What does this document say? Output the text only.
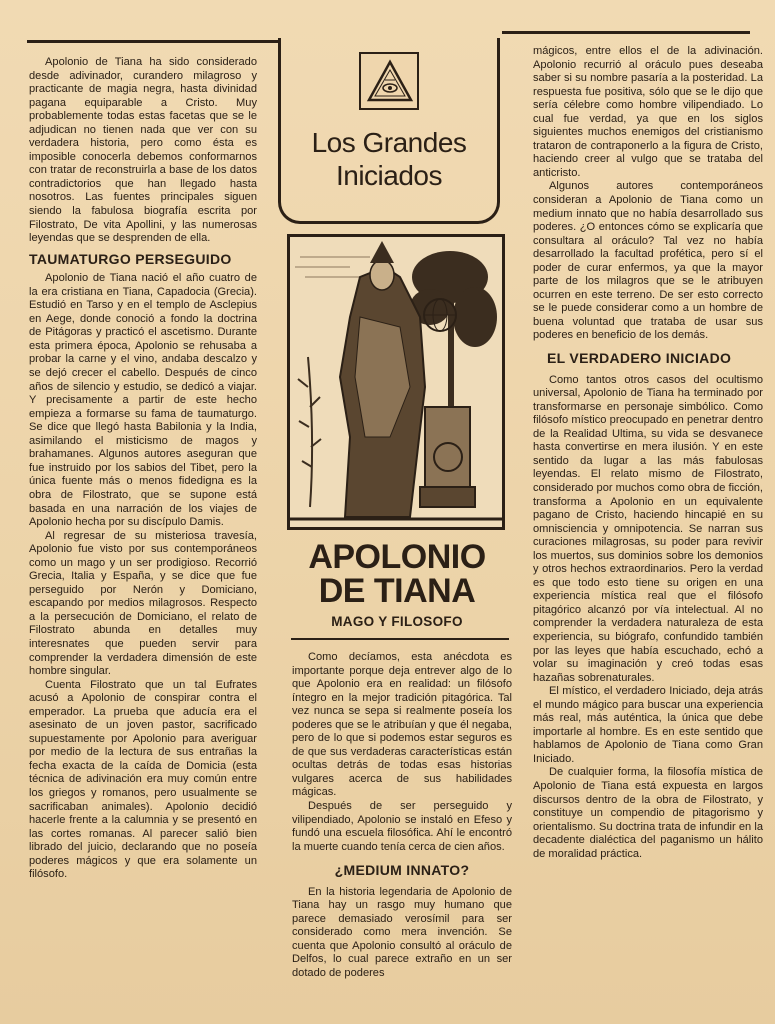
Los Grandes
Iniciados
APOLONIO
DE TIANA
MAGO Y FILOSOFO

Apolonio de Tiana ha sido considerado desde adivinador, curandero milagroso y practicante de magia negra, hasta divinidad pagana equiparable a Cristo. Muy probablemente todas estas facetas que se le adjudican no tienen nada que ver con su verdadera historia, pero como ésta es imposible conocerla debemos conformarnos con tratar de reconstruirla a base de los datos contradictorios que han llegado hasta nosotros. Las fuentes principales siguen siendo la fabulosa biografía escrita por Filostrato, De vita Apollini, y las numerosas leyendas que se desprenden de ella.

TAUMATURGO PERSEGUIDO

Apolonio de Tiana nació el año cuatro de la era cristiana en Tiana, Capadocia (Grecia). Estudió en Tarso y en el templo de Asclepius en Aege, donde conoció a fondo la doctrina de Pitágoras y practicó el ascetismo. Durante esta primera época, Apolonio se rehusaba a probar la carne y el vino, andaba descalzo y se dejó crecer el cabello. Después de cinco años de silencio y estudio, se dedicó a viajar. Y precisamente a partir de este hecho empieza a formarse su fama de taumaturgo. Se dice que llegó hasta Babilonia y la India, asimilando el misticismo de magos y brahamanes. Algunos autores aseguran que fue instruido por los sabios del Tibet, pero la única fuente más o menos fidedigna es la obra de Filostrato, que se supone está basada en una narración de los viajes de Apolonio hecha por su discípulo Damis.

Al regresar de su misteriosa travesía, Apolonio fue visto por sus contemporáneos como un mago y un ser prodigioso. Recorrió Grecia, Italia y España, y se dice que fue perseguido por Nerón y Domiciano, escapando por medios milagrosos. Respecto a la persecución de Domiciano, el relato de Filostrato abunda en detalles muy interesnates que pueden servir para comprender la verdadera dimensión de este hombre singular.

Cuenta Filostrato que un tal Eufrates acusó a Apolonio de conspirar contra el emperador. La prueba que aducía era el asesinato de un joven pastor, sacrificado supuestamente por Apolonio para averiguar por medio de la lectura de sus entrañas la fecha exacta de la caída de Domicia (esta técnica de adivinación era muy común entre los griegos y romanos, pero usualmente se sacrificaban animales). Apolonio decidió hacerle frente a la calumnia y se presentó en las cortes romanas. Al parecer salió bien librado del juicio, declarando que no poseía poderes mágicos y que era solamente un filósofo.

Como decíamos, esta anécdota es importante porque deja entrever algo de lo que Apolonio era en realidad: un filósofo íntegro en la mejor tradición pitagórica. Tal vez nunca se sepa si realmente poseía los poderes que se le atribuían y que él negaba, pero de lo que si podemos estar seguros es de que sus verdaderas características están ocultas detrás de todas esas historias vulgares acerca de sus habilidades mágicas.

Después de ser perseguido y vilipendiado, Apolonio se instaló en Efeso y fundó una escuela filosófica. Ahí le encontró la muerte cuando tenía cerca de cien años.

¿MEDIUM INNATO?

En la historia legendaria de Apolonio de Tiana hay un rasgo muy humano que parece demasiado verosímil para ser considerado como mera invención. Se cuenta que Apolonio consultó al oráculo de Delfos, lo cual parece extraño en un ser dotado de poderes

mágicos, entre ellos el de la adivinación. Apolonio recurrió al oráculo pues deseaba saber si su nombre pasaría a la posteridad. La respuesta fue positiva, sólo que se le dijo que sería célebre como hombre vilipendiado. Lo cual fue verdad, ya que en los siglos siguientes muchos enemigos del cristianismo trataron de contraponerlo a la figura de Cristo, haciendo creer al vulgo que se trataba del anticristo.

Algunos autores contemporáneos consideran a Apolonio de Tiana como un medium innato que no había desarrollado sus poderes. ¿O entonces cómo se explicaría que consultara al oráculo? Tal vez no había desarrollado la facultad profética, pero sí el poder de curar enfermos, ya que la mayor parte de los milagros que se le atribuyen ocurren en este terreno. De ser esto correcto se le puede considerar como a un hombre de buena voluntad que trataba de usar sus poderes en beneficio de los demás.

EL VERDADERO INICIADO

Como tantos otros casos del ocultismo universal, Apolonio de Tiana ha terminado por transformarse en personaje simbólico. Como filósofo místico preocupado en penetrar dentro de la Realidad Ultima, su vida se desvanece hasta convertirse en mera ilusión. Y en este sentido da lugar a las más fabulosas leyendas. El relato mismo de Filostrato, considerado por muchos como obra de ficción, transforma a Apolonio en un equivalente pagano de Cristo, haciendo hincapié en su omnisciencia y omnipotencia. Se narran sus curaciones milagrosas, su poder para revivir los muertos, sus dominios sobre los demonios y otros hechos extraordinarios. Pero la verdad es que todo esto tiene su origen en una experiencia mística real que el filósofo pitagórico alcanzó por vía intelectual. Al no comprender la verdadera naturaleza de esta experiencia, su biógrafo, confundido también por las leyes que había escuchado, echó a volar su imaginación y creó todas esas hazañas sobrenaturales.

El místico, el verdadero Iniciado, deja atrás el mundo mágico para buscar una experiencia más real, más auténtica, la única que debe importarle al hombre. Es en este sentido que hablamos de Apolonio de Tiana como Gran Iniciado.

De cualquier forma, la filosofía mística de Apolonio de Tiana está expuesta en largos discursos dentro de la obra de Filostrato, y constituye un compendio de pitagorismo y orientalismo. Su doctrina trata de infundir en la decadente dialéctica del paganismo un hálito de moralidad práctica.
